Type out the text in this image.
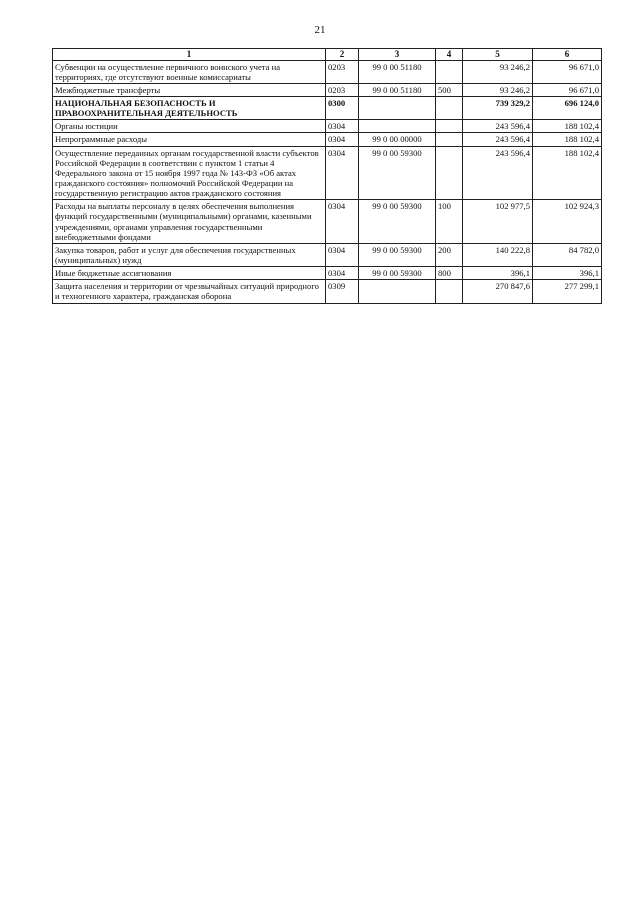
21
1	2	3	4	5	6
Субвенции на осуществление первичного воинского учета на территориях, где отсутствуют военные комиссариаты	0203	99 0 00 51180		93 246,2	96 671,0
Межбюджетные трансферты	0203	99 0 00 51180	500	93 246,2	96 671,0
НАЦИОНАЛЬНАЯ БЕЗОПАСНОСТЬ И ПРАВООХРАНИТЕЛЬНАЯ ДЕЯТЕЛЬНОСТЬ	0300			739 329,2	696 124,0
Органы юстиции	0304			243 596,4	188 102,4
Непрограммные расходы	0304	99 0 00 00000		243 596,4	188 102,4
Осуществление переданных органам государственной власти субъектов Российской Федерации в соответствии с пунктом 1 статьи 4 Федерального закона от 15 ноября 1997 года № 143-ФЗ «Об актах гражданского состояния» полномочий Российской Федерации на государственную регистрацию актов гражданского состояния	0304	99 0 00 59300		243 596,4	188 102,4
Расходы на выплаты персоналу в целях обеспечения выполнения функций государственными (муниципальными) органами, казенными учреждениями, органами управления государственными внебюджетными фондами	0304	99 0 00 59300	100	102 977,5	102 924,3
Закупка товаров, работ и услуг для обеспечения государственных (муниципальных) нужд	0304	99 0 00 59300	200	140 222,8	84 782,0
Иные бюджетные ассигнования	0304	99 0 00 59300	800	396,1	396,1
Защита населения и территории от чрезвычайных ситуаций природного и техногенного характера, гражданская оборона	0309			270 847,6	277 299,1
